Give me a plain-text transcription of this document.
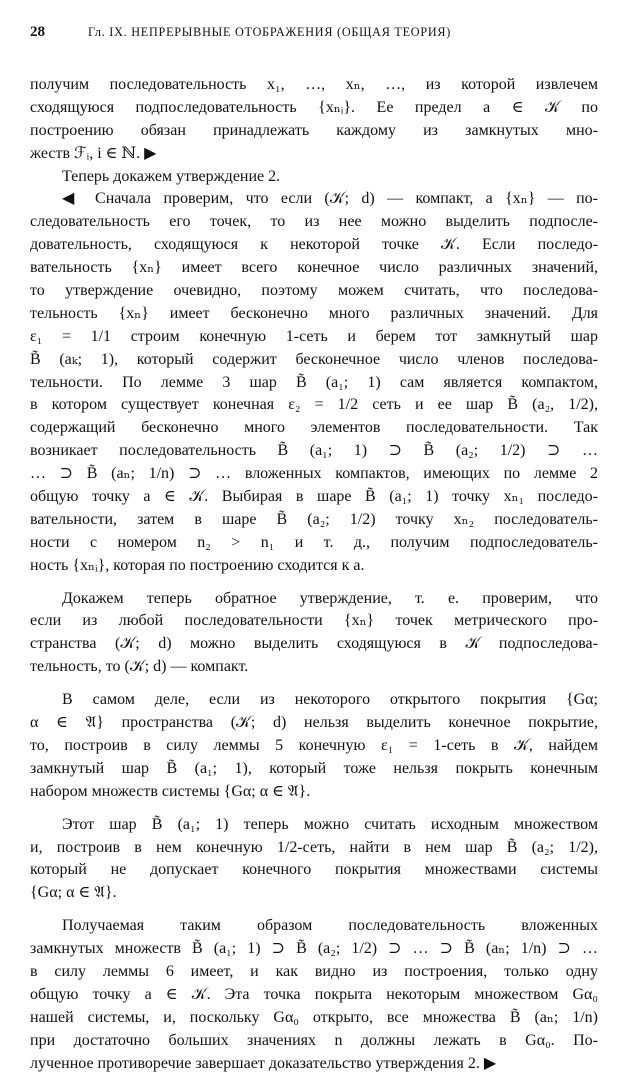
28	Гл. IX. НЕПРЕРЫВНЫЕ ОТОБРАЖЕНИЯ (ОБЩАЯ ТЕОРИЯ)
получим последовательность x₁, …, xₙ, …, из которой извлечем
сходящуюся подпоследовательность {xₙᵢ}. Ее предел a ∈ 𝒦 по
построению обязан принадлежать каждому из замкнутых мно-
жеств ℱᵢ, i ∈ ℕ. ▶
Теперь докажем утверждение 2.
◀ Сначала проверим, что если (𝒦; d) — компакт, а {xₙ} — по-
следовательность его точек, то из нее можно выделить подпосле-
довательность, сходящуюся к некоторой точке 𝒦. Если последо-
вательность {xₙ} имеет всего конечное число различных значений,
то утверждение очевидно, поэтому можем считать, что последова-
тельность {xₙ} имеет бесконечно много различных значений. Для
ε₁ = 1/1 строим конечную 1-сеть и берем тот замкнутый шар
B̃ (aₖ; 1), который содержит бесконечное число членов последова-
тельности. По лемме 3 шар B̃ (a₁; 1) сам является компактом,
в котором существует конечная ε₂ = 1/2 сеть и ее шар B̃ (a₂, 1/2),
содержащий бесконечно много элементов последовательности. Так
возникает последовательность B̃ (a₁; 1) ⊃ B̃ (a₂; 1/2) ⊃ …
… ⊃ B̃ (aₙ; 1/n) ⊃ … вложенных компактов, имеющих по лемме 2
общую точку a ∈ 𝒦. Выбирая в шаре B̃ (a₁; 1) точку xₙ₁ последо-
вательности, затем в шаре B̃ (a₂; 1/2) точку xₙ₂ последователь-
ности с номером n₂ > n₁ и т. д., получим подпоследователь-
ность {xₙᵢ}, которая по построению сходится к a.
Докажем теперь обратное утверждение, т. е. проверим, что
если из любой последовательности {xₙ} точек метрического про-
странства (𝒦; d) можно выделить сходящуюся в 𝒦 подпоследова-
тельность, то (𝒦; d) — компакт.
В самом деле, если из некоторого открытого покрытия {Gα;
α ∈ 𝔄} пространства (𝒦; d) нельзя выделить конечное покрытие,
то, построив в силу леммы 5 конечную ε₁ = 1-сеть в 𝒦, найдем
замкнутый шар B̃ (a₁; 1), который тоже нельзя покрыть конечным
набором множеств системы {Gα; α ∈ 𝔄}.
Этот шар B̃ (a₁; 1) теперь можно считать исходным множеством
и, построив в нем конечную 1/2-сеть, найти в нем шар B̃ (a₂; 1/2),
который не допускает конечного покрытия множествами системы
{Gα; α ∈ 𝔄}.
Получаемая таким образом последовательность вложенных
замкнутых множеств B̃ (a₁; 1) ⊃ B̃ (a₂; 1/2) ⊃ … ⊃ B̃ (aₙ; 1/n) ⊃ …
в силу леммы 6 имеет, и как видно из построения, только одну
общую точку a ∈ 𝒦. Эта точка покрыта некоторым множеством Gα₀
нашей системы, и, поскольку Gα₀ открыто, все множества B̃ (aₙ; 1/n)
при достаточно больших значениях n должны лежать в Gα₀. По-
лученное противоречие завершает доказательство утверждения 2. ▶
